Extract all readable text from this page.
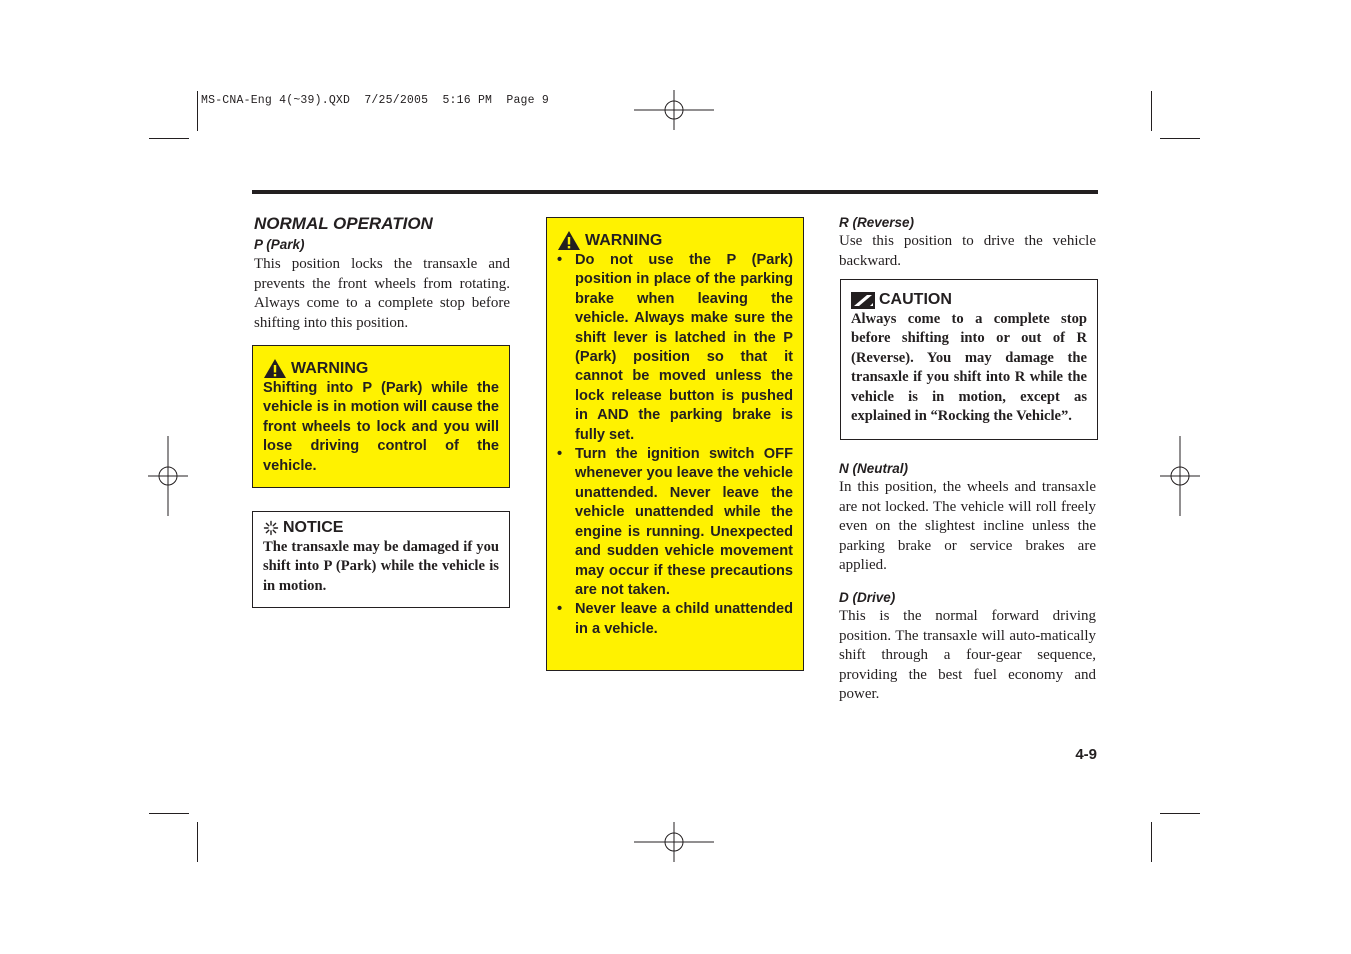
MS-CNA-Eng 4(~39).QXD  7/25/2005  5:16 PM  Page 9
NORMAL OPERATION
P (Park)

This position locks the transaxle and prevents the front wheels from rotating. Always come to a complete stop before shifting into this position.

WARNING

Shifting into P (Park) while the vehicle is in motion will cause the front wheels to lock and you will lose driving control of the vehicle.

NOTICE

The transaxle may be damaged if you shift into P (Park) while the vehicle is in motion.

WARNING
• Do not use the P (Park) position in place of the parking brake when leaving the vehicle. Always make sure the shift lever is latched in the P (Park) position so that it cannot be moved unless the lock release button is pushed in AND the parking brake is fully set.
• Turn the ignition switch OFF whenever you leave the vehicle unattended. Never leave the vehicle unattended while the engine is running. Unexpected and sudden vehicle movement may occur if these precautions are not taken.
• Never leave a child unattended in a vehicle.
R (Reverse)

Use this position to drive the vehicle backward.

CAUTION

Always come to a complete stop before shifting into or out of R (Reverse). You may damage the transaxle if you shift into R while the vehicle is in motion, except as explained in “Rocking the Vehicle”.

N (Neutral)

In this position, the wheels and transaxle are not locked. The vehicle will roll freely even on the slightest incline unless the parking brake or service brakes are applied.

D (Drive)

This is the normal forward driving position. The transaxle will auto-matically shift through a four-gear sequence, providing the best fuel economy and power.

4-9
